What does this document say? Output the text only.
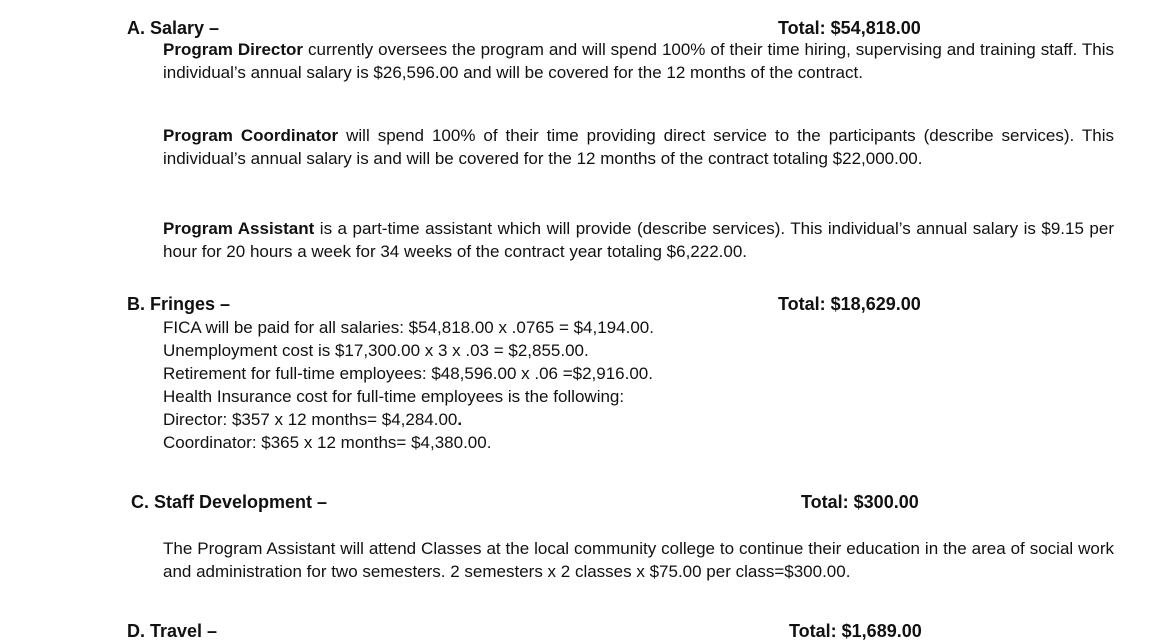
A. Salary –	Total: $54,818.00
Program Director currently oversees the program and will spend 100% of their time hiring, supervising and training staff. This individual’s annual salary is $26,596.00 and will be covered for the 12 months of the contract.
Program Coordinator will spend 100% of their time providing direct service to the participants (describe services). This individual’s annual salary is and will be covered for the 12 months of the contract totaling $22,000.00.
Program Assistant is a part-time assistant which will provide (describe services). This individual’s annual salary is $9.15 per hour for 20 hours a week for 34 weeks of the contract year totaling $6,222.00.
B. Fringes –	Total: $18,629.00
FICA will be paid for all salaries: $54,818.00 x .0765 = $4,194.00.
Unemployment cost is $17,300.00 x 3 x .03 = $2,855.00.
Retirement for full-time employees: $48,596.00 x .06 =$2,916.00.
Health Insurance cost for full-time employees is the following:
Director: $357 x 12 months= $4,284.00.
Coordinator: $365 x 12 months= $4,380.00.
C. Staff Development –	Total: $300.00
The Program Assistant will attend Classes at the local community college to continue their education in the area of social work and administration for two semesters. 2 semesters x 2 classes x $75.00 per class=$300.00.
D. Travel –	Total: $1,689.00
